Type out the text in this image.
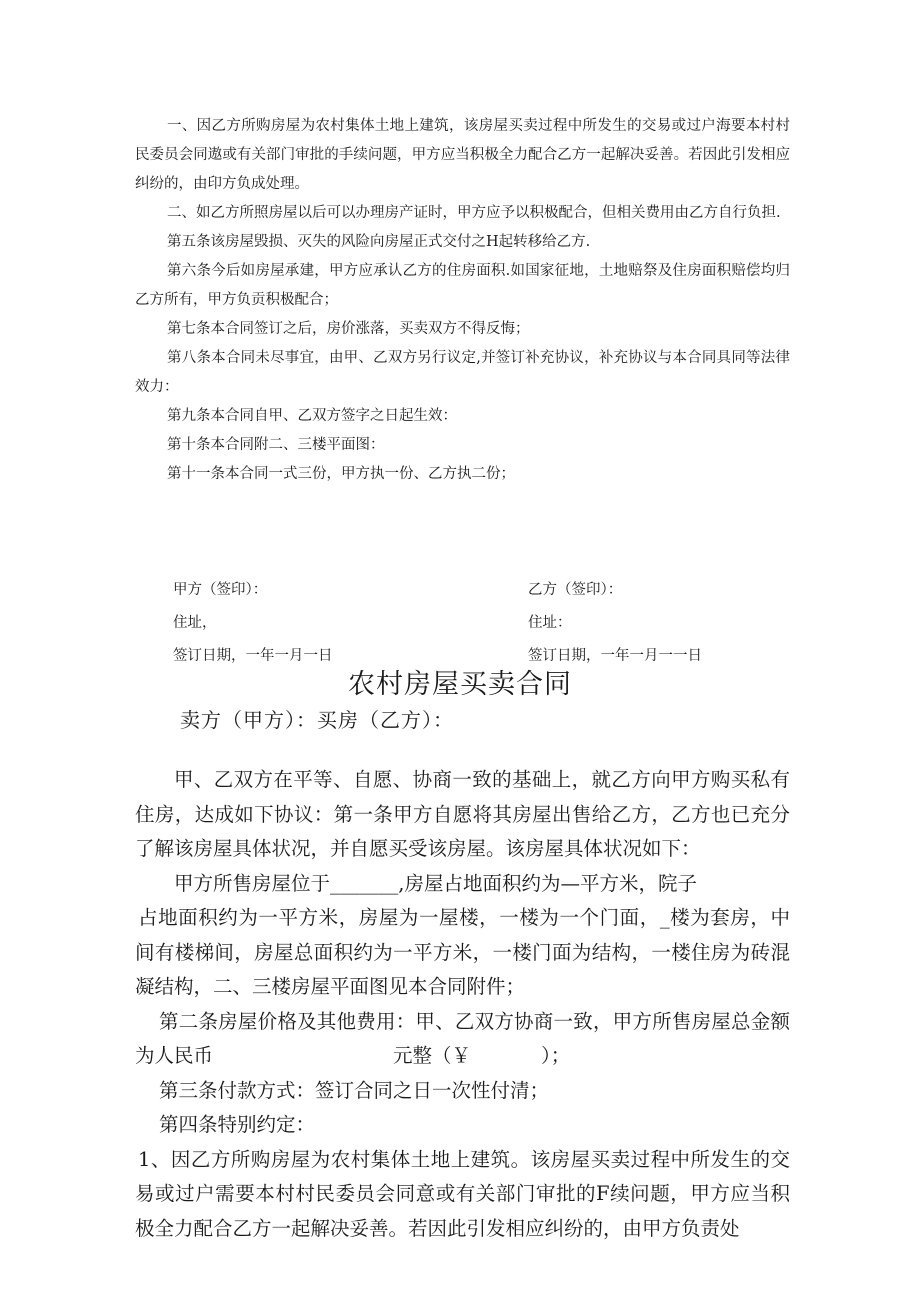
一、因乙方所购房屋为农村集体土地上建筑，该房屋买卖过程中所发生的交易或过户海要本村村民委员会同遨或有关部门审批的手续问题，甲方应当积极全力配合乙方一起解决妥善。若因此引发相应纠纷的，由印方负成处理。

二、如乙方所照房屋以后可以办理房产证时，甲方应予以积极配合，但相关费用由乙方自行负担.

第五条该房屋毁损、灭失的风险向房屋正式交付之H起转移给乙方.

第六条今后如房屋承建，甲方应承认乙方的住房面积.如国家征地，土地赔祭及住房面积赔偿均归乙方所有，甲方负贡积极配合；

第七条本合同签订之后，房价涨落，买卖双方不得反悔；

第八条本合同未尽事宜，由甲、乙双方另行议定,并签订补充协议，补充协议与本合同具同等法律效力：

第九条本合同自甲、乙双方签字之日起生效：

第十条本合同附二、三楼平面图：

第十一条本合同一式三份，甲方执一份、乙方执二份；

甲方（签印）：	乙方（签印）：
住址，	住址：
签订日期，一年一月一日	签订日期，一年一月一一日
农村房屋买卖合同
卖方（甲方）：买房（乙方）：

甲、乙双方在平等、自愿、协商一致的基础上，就乙方向甲方购买私有住房，达成如下协议：第一条甲方自愿将其房屋出售给乙方，乙方也已充分了解该房屋具体状况，并自愿买受该房屋。该房屋具体状况如下：

甲方所售房屋位于_______,房屋占地面积约为—平方米，院子

占地面积约为一平方米，房屋为一屋楼，一楼为一个门面，_楼为套房，中间有楼梯间，房屋总面积约为一平方米，一楼门面为结构，一楼住房为砖混凝结构，二、三楼房屋平面图见本合同附件；

第二条房屋价格及其他费用：甲、乙双方协商一致，甲方所售房屋总金额为人民币	元整（￥	）；

第三条付款方式：签订合同之日一次性付清；

第四条特别约定：

1、因乙方所购房屋为农村集体土地上建筑。该房屋买卖过程中所发生的交易或过户需要本村村民委员会同意或有关部门审批的F续问题，甲方应当积极全力配合乙方一起解决妥善。若因此引发相应纠纷的，由甲方负责处
